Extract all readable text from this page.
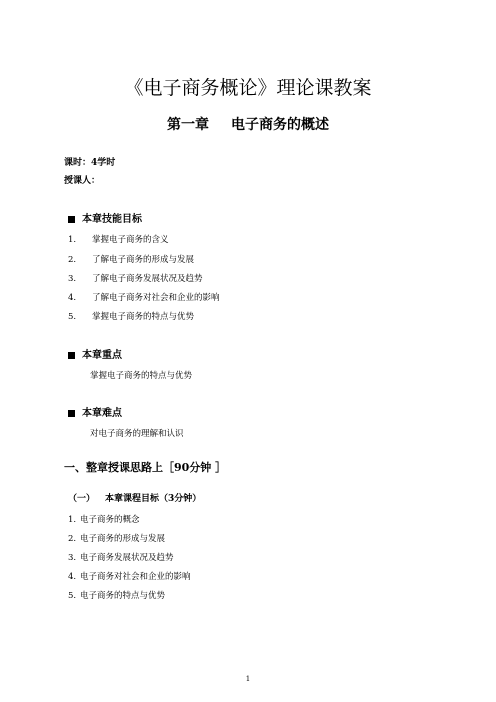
《电子商务概论》理论课教案
第一章 电子商务的概述
课时：4学时
授课人：
本章技能目标
1. 掌握电子商务的含义
2. 了解电子商务的形成与发展
3. 了解电子商务发展状况及趋势
4. 了解电子商务对社会和企业的影响
5. 掌握电子商务的特点与优势
本章重点
掌握电子商务的特点与优势
本章难点
对电子商务的理解和认识
一、整章授课思路上［90分钟 ］
（一） 本章课程目标（3分钟）
1. 电子商务的概念
2. 电子商务的形成与发展
3. 电子商务发展状况及趋势
4. 电子商务对社会和企业的影响
5. 电子商务的特点与优势
1
